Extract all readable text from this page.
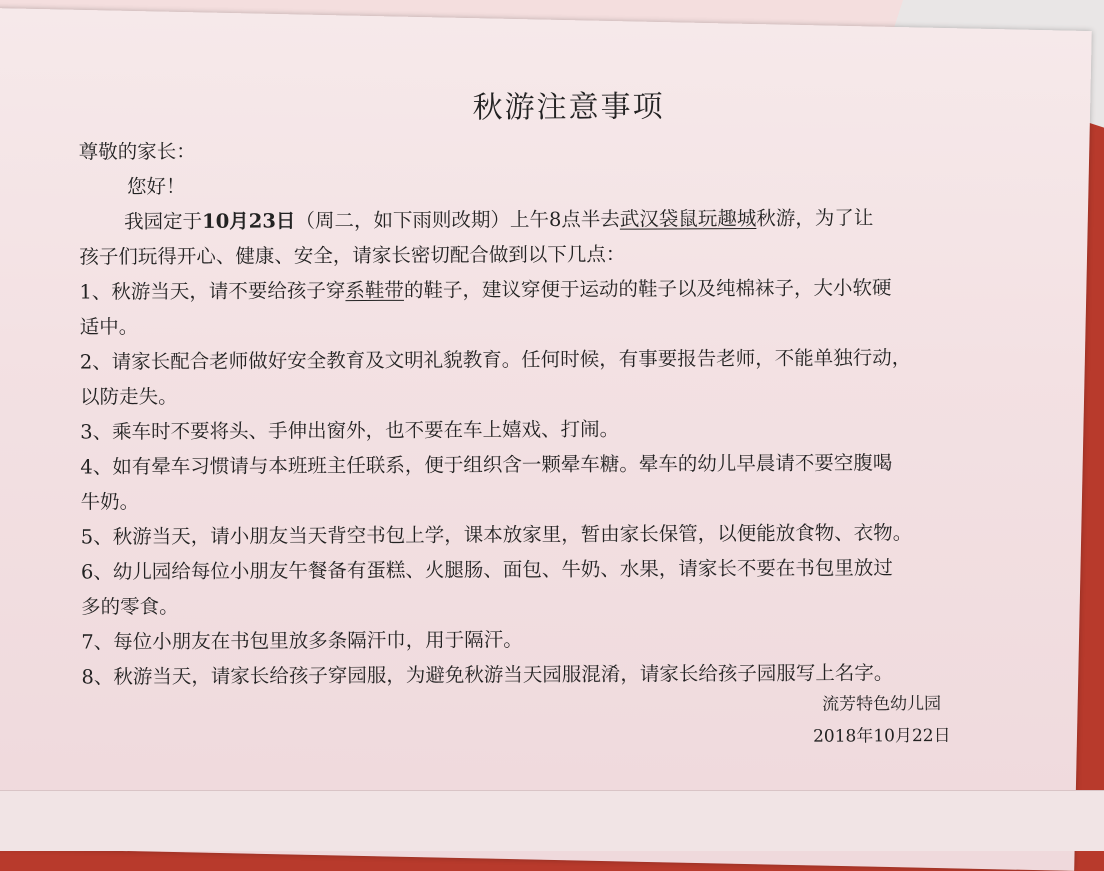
秋游注意事项
尊敬的家长：
您好！
我园定于10月23日（周二，如下雨则改期）上午8点半去武汉袋鼠玩趣城秋游，为了让
孩子们玩得开心、健康、安全，请家长密切配合做到以下几点：
1、秋游当天，请不要给孩子穿系鞋带的鞋子，建议穿便于运动的鞋子以及纯棉袜子，大小软硬
适中。
2、请家长配合老师做好安全教育及文明礼貌教育。任何时候，有事要报告老师，不能单独行动，
以防走失。
3、乘车时不要将头、手伸出窗外，也不要在车上嬉戏、打闹。
4、如有晕车习惯请与本班班主任联系，便于组织含一颗晕车糖。晕车的幼儿早晨请不要空腹喝
牛奶。
5、秋游当天，请小朋友当天背空书包上学，课本放家里，暂由家长保管，以便能放食物、衣物。
6、幼儿园给每位小朋友午餐备有蛋糕、火腿肠、面包、牛奶、水果，请家长不要在书包里放过
多的零食。
7、每位小朋友在书包里放多条隔汗巾，用于隔汗。
8、秋游当天，请家长给孩子穿园服，为避免秋游当天园服混淆，请家长给孩子园服写上名字。
流芳特色幼儿园
2018年10月22日
